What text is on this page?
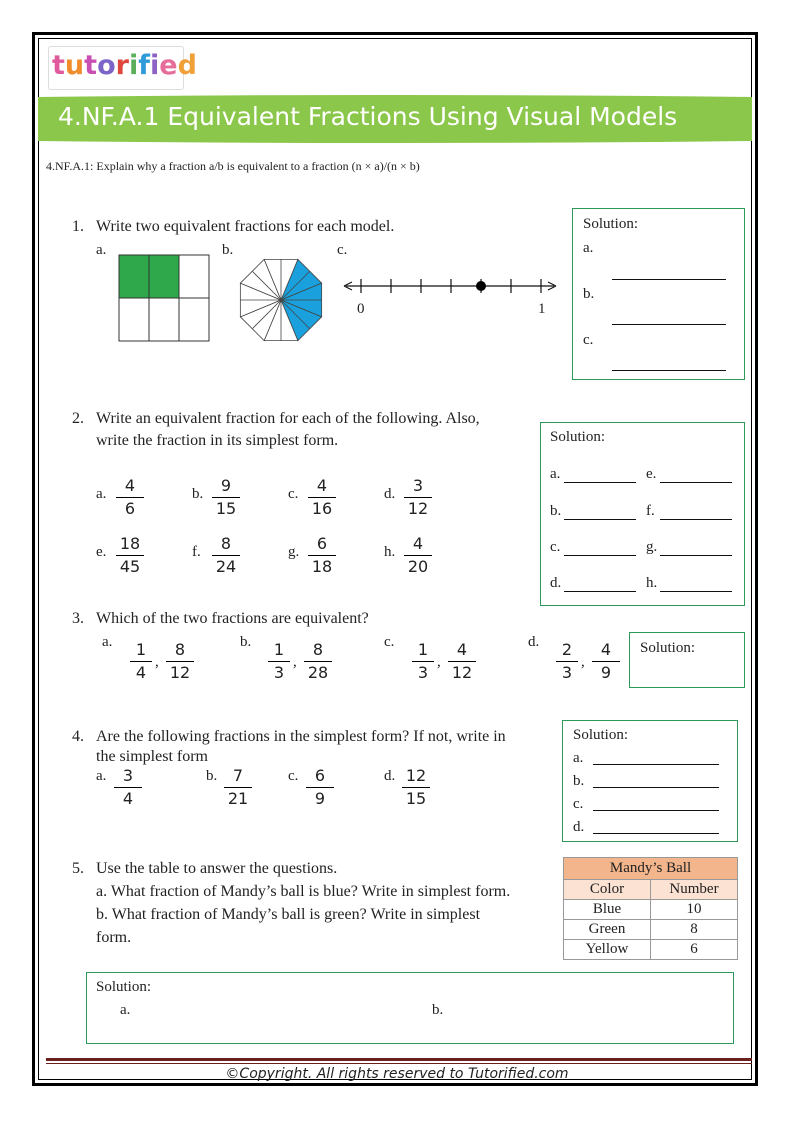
tutorified
4.NF.A.1 Equivalent Fractions Using Visual Models
4.NF.A.1: Explain why a fraction a/b is equivalent to a fraction (n × a)/(n × b)
1. Write two equivalent fractions for each model.
a.	b.	c.
0	1
Solution:
a.
b.
c.
2. Write an equivalent fraction for each of the following. Also,
write the fraction in its simplest form.
a.	4
6
b.	9
15
c.	4
16
d.	3
12
e. 18
45
f.	8
24
g.	6
18
h.	4
20
Solution:
a.	e.
b.	f.
c.	g.
d.	h.
3. Which of the two fractions are equivalent?
a.	1
4
,
8
12
b.	1
3
,
8
28
c.	1
3
,
4
12
d.	2
3
,
4
9
Solution:
4. Are the following fractions in the simplest form? If not, write in
the simplest form
a.	3
4
b. 7
21
c.	6
9
d. 12
15
Solution:
a.
b.
c.
d.
5. Use the table to answer the questions.
a. What fraction of Mandy’s ball is blue? Write in simplest form.
b. What fraction of Mandy’s ball is green? Write in simplest
form.
Mandy’s Ball	
Color	Number
Blue	10
Green	8
Yellow	6
Solution:
a.	b.
©Copyright. All rights reserved to Tutorified.com
